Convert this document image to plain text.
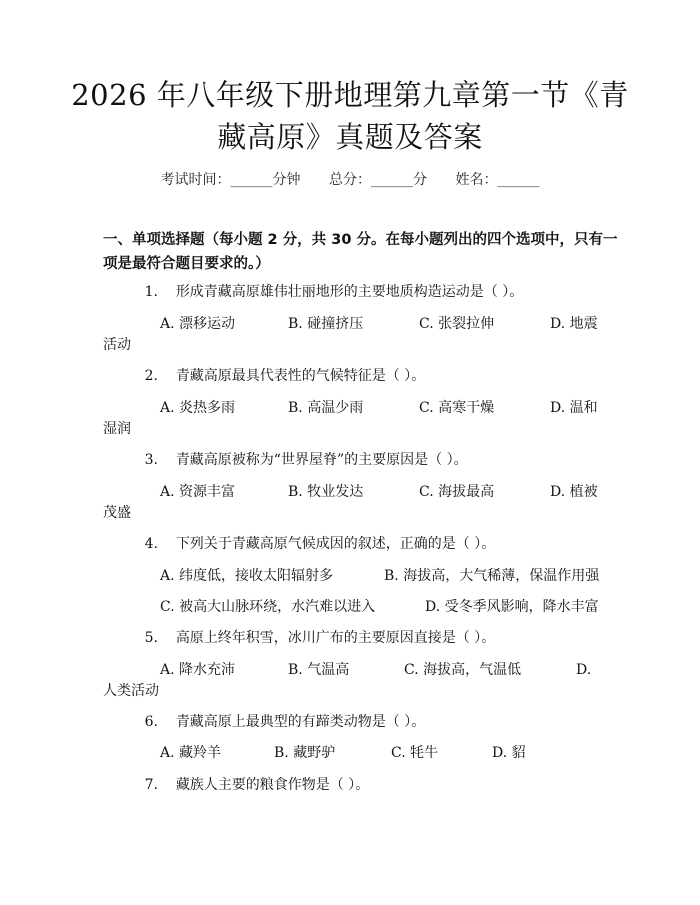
2026 年八年级下册地理第九章第一节《青藏高原》真题及答案
考试时间：______分钟 总分：______分 姓名：______
一、单项选择题（每小题 2 分，共 30 分。在每小题列出的四个选项中，只有一项是最符合题目要求的。）
1. 形成青藏高原雄伟壮丽地形的主要地质构造运动是（ ）。
A. 漂移运动	B. 碰撞挤压	C. 张裂拉伸	D. 地震
活动
2. 青藏高原最具代表性的气候特征是（ ）。
A. 炎热多雨	B. 高温少雨	C. 高寒干燥	D. 温和
湿润
3. 青藏高原被称为“世界屋脊”的主要原因是（ ）。
A. 资源丰富	B. 牧业发达	C. 海拔最高	D. 植被
茂盛
4. 下列关于青藏高原气候成因的叙述，正确的是（ ）。
A. 纬度低，接收太阳辐射多	B. 海拔高，大气稀薄，保温作用强
C. 被高大山脉环绕，水汽难以进入	D. 受冬季风影响，降水丰富
5. 高原上终年积雪，冰川广布的主要原因直接是（ ）。
A. 降水充沛	B. 气温高	C. 海拔高，气温低	D.
人类活动
6. 青藏高原上最典型的有蹄类动物是（ ）。
A. 藏羚羊	B. 藏野驴	C. 牦牛	D. 貂
7. 藏族人主要的粮食作物是（ ）。
